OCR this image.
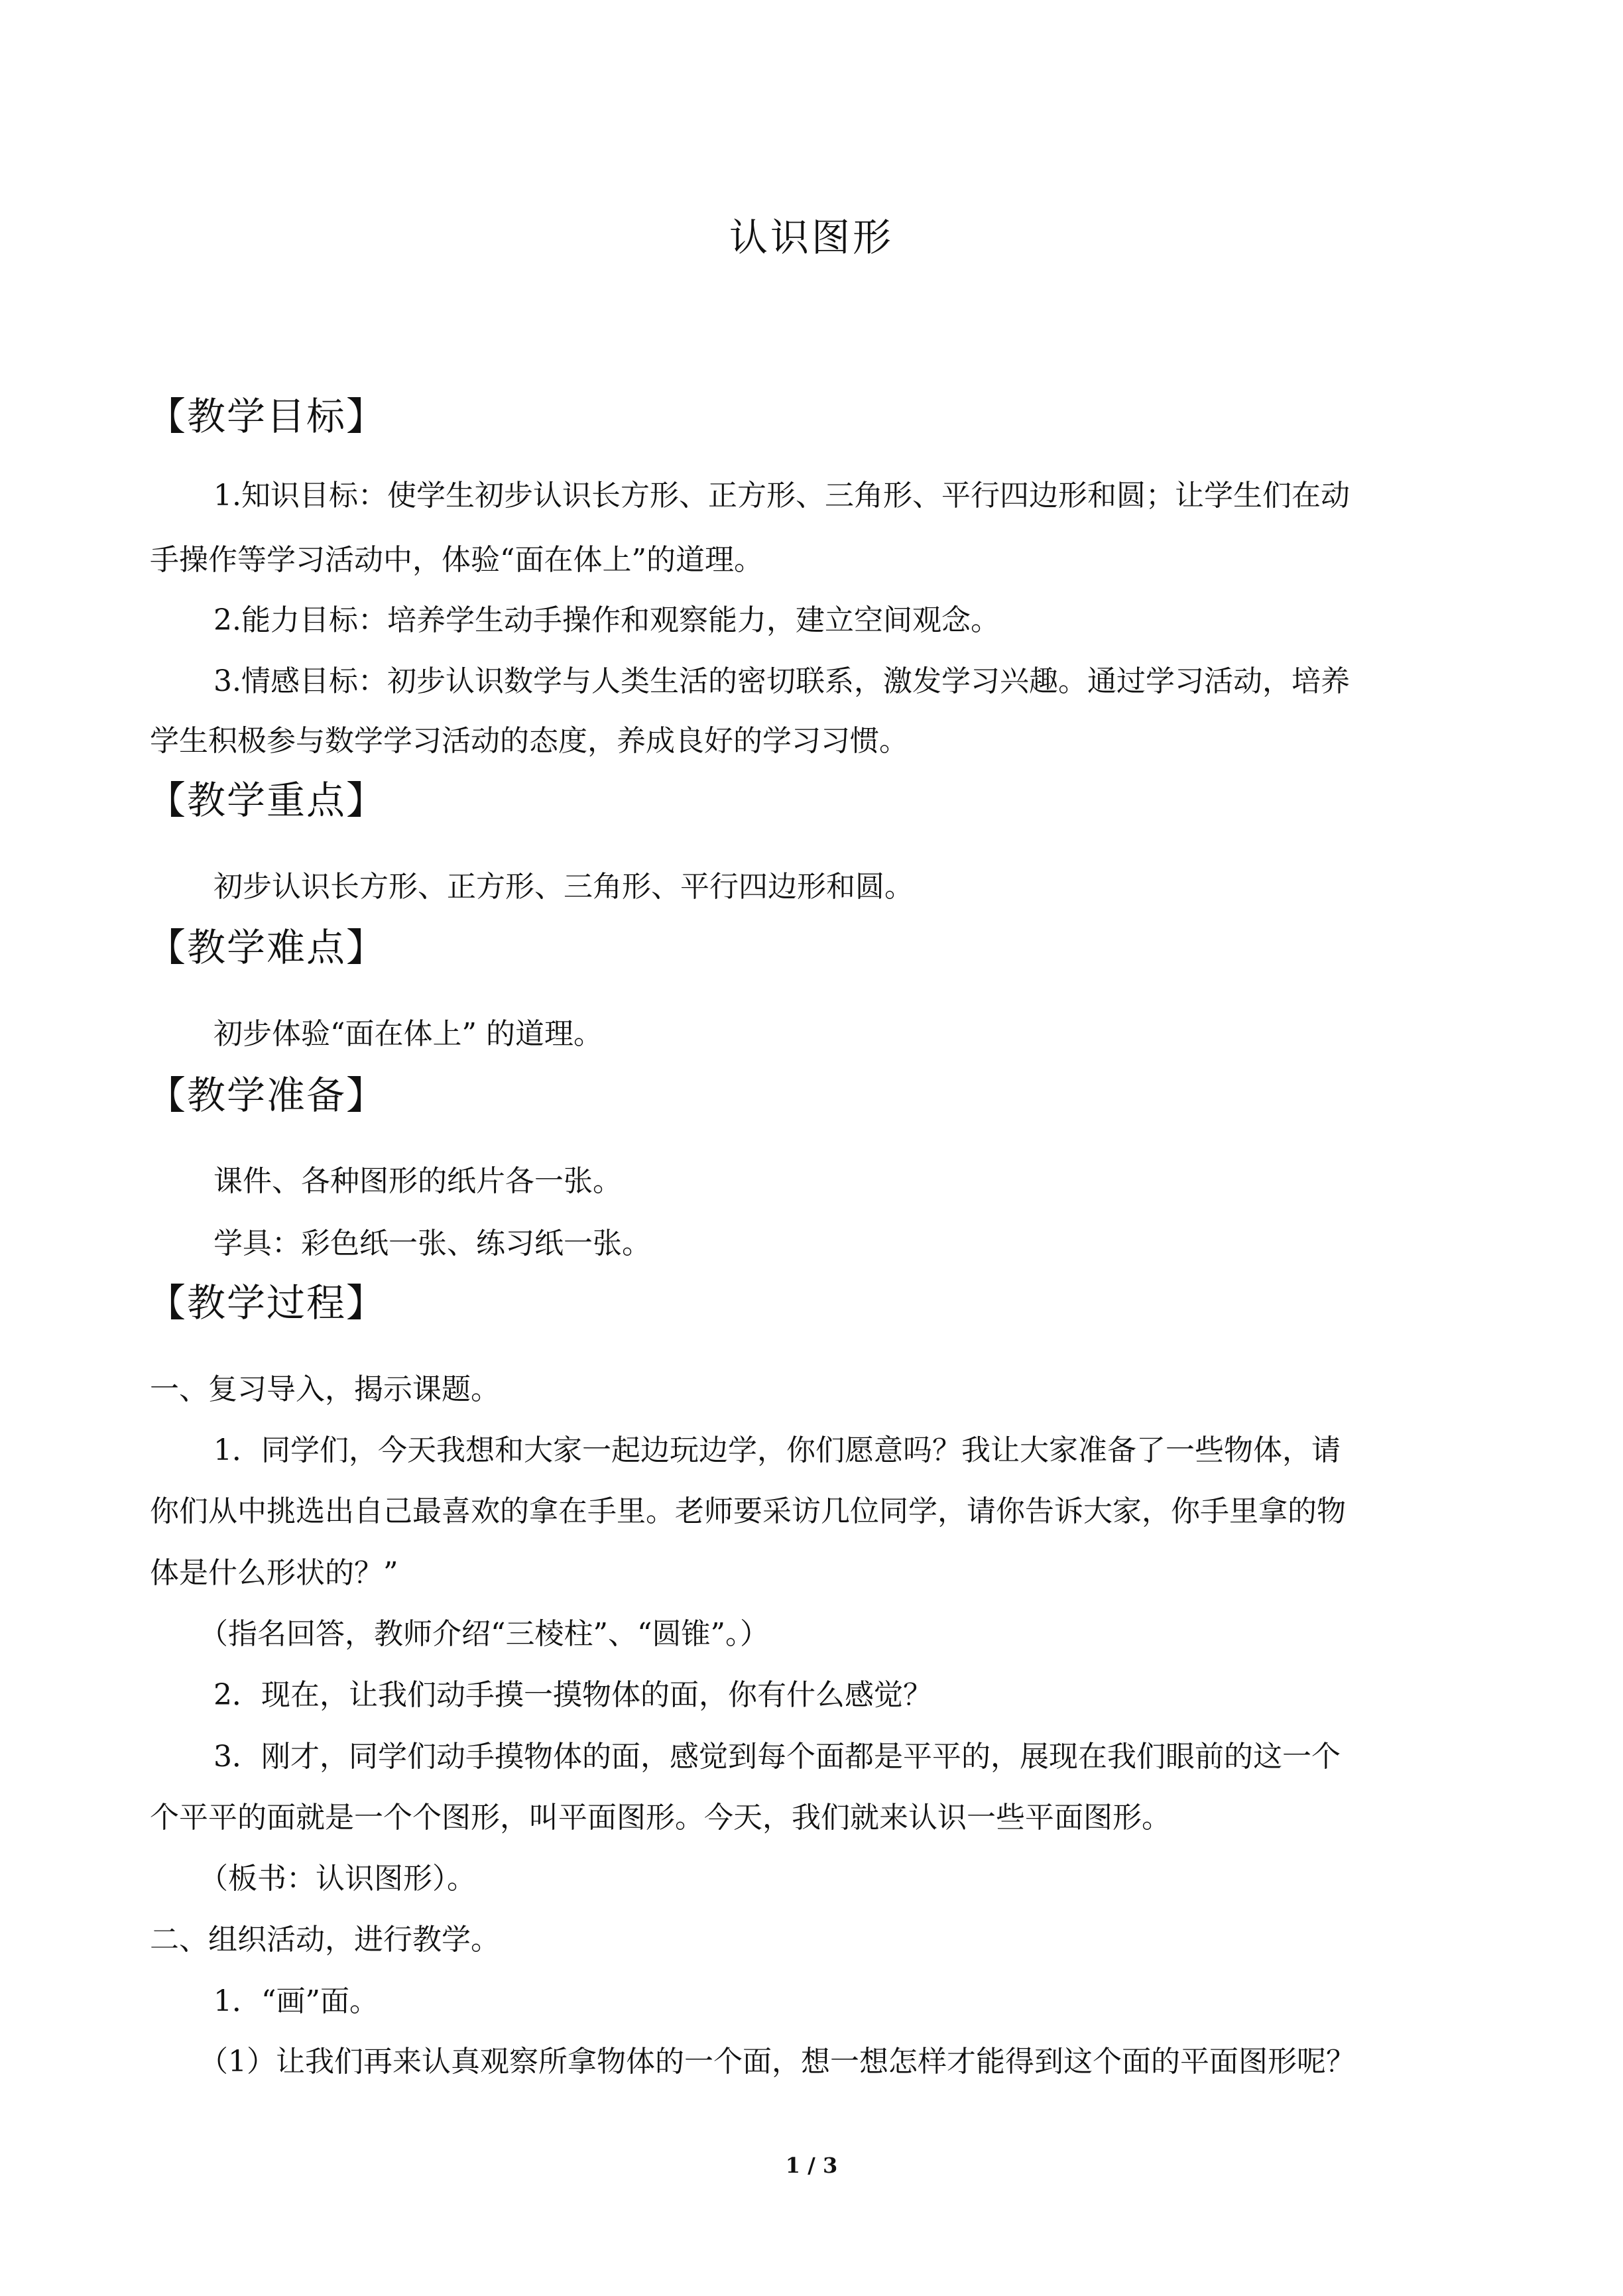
认识图形
【教学目标】
1.知识目标：使学生初步认识长方形、正方形、三角形、平行四边形和圆；让学生们在动
手操作等学习活动中，体验“面在体上”的道理。
2.能力目标：培养学生动手操作和观察能力，建立空间观念。
3.情感目标：初步认识数学与人类生活的密切联系，激发学习兴趣。通过学习活动，培养
学生积极参与数学学习活动的态度，养成良好的学习习惯。
【教学重点】
初步认识长方形、正方形、三角形、平行四边形和圆。
【教学难点】
初步体验“面在体上” 的道理。
【教学准备】
课件、各种图形的纸片各一张。
学具：彩色纸一张、练习纸一张。
【教学过程】
一、复习导入，揭示课题。
1．同学们，今天我想和大家一起边玩边学，你们愿意吗？我让大家准备了一些物体，请
你们从中挑选出自己最喜欢的拿在手里。老师要采访几位同学，请你告诉大家，你手里拿的物
体是什么形状的？”
（指名回答，教师介绍“三棱柱”、“圆锥”。）
2．现在，让我们动手摸一摸物体的面，你有什么感觉？
3．刚才，同学们动手摸物体的面，感觉到每个面都是平平的，展现在我们眼前的这一个
个平平的面就是一个个图形，叫平面图形。今天，我们就来认识一些平面图形。
（板书：认识图形）。
二、组织活动，进行教学。
1．“画”面。
（1）让我们再来认真观察所拿物体的一个面，想一想怎样才能得到这个面的平面图形呢？
1 / 3
